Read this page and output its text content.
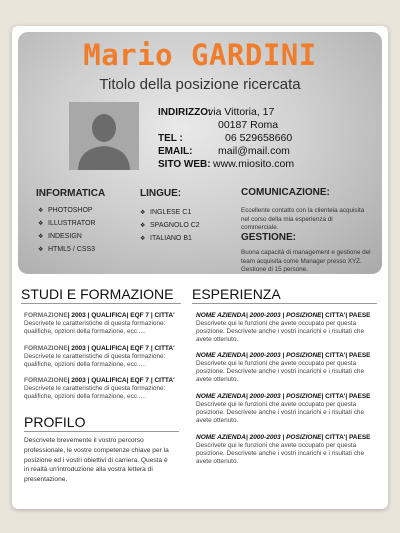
Mario GARDINI
Titolo della posizione ricercata
INDIRIZZO:via Vittoria, 17
00187 Roma
TEL :	06 529658660
EMAIL: mail@mail.com
SITO WEB: www.miosito.com
INFORMATICA
❖ PHOTOSHOP
❖ ILLUSTRATOR
❖ INDESIGN
❖ HTML5 / CSS3
LINGUE:
❖ INGLESE C1
❖ SPAGNOLO C2
❖ ITALIANO B1
COMUNICAZIONE:
Eccellente contatto con la clientela acquisita nel corso della mia esperienza di commerciale.
GESTIONE:
Buona capacità di management e gestione del team acquisita come Manager presso XYZ. Gestione di 15 persone.
STUDI E FORMAZIONE
FORMAZIONE| 2003 | QUALIFICA| EQF 7 | CITTA'
Descrivete le caratteristiche di questa formazione: qualifiche, opzioni della formazione, ecc ....
FORMAZIONE| 2003 | QUALIFICA| EQF 7 | CITTA'
Descrivete le caratteristiche di questa formazione: qualifiche, opzioni della formazione, ecc ....
FORMAZIONE| 2003 | QUALIFICA| EQF 7 | CITTA'
Descrivete le caratteristiche di questa formazione: qualifiche, opzioni della formazione, ecc ....
PROFILO
Descrivete brevemente il vostro percorso professionale, le vostre competenze chiave per la posizione ed i vostri obiettivi di carriera. Questa è in realtà un'introduzione alla vostra lettera di presentazione.
ESPERIENZA
NOME AZIENDA| 2000-2003 | POSIZIONE| CITTA'| PAESE
Descrivete qui le funzioni che avete occupato per questa posizione. Descrivete anche i vostri incarichi e i risultati che avete ottenuto.
NOME AZIENDA| 2000-2003 | POSIZIONE| CITTA'| PAESE
Descrivete qui le funzioni che avete occupato per questa posizione. Descrivete anche i vostri incarichi e i risultati che avete ottenuto.
NOME AZIENDA| 2000-2003 | POSIZIONE| CITTA'| PAESE
Descrivete qui le funzioni che avete occupato per questa posizione. Descrivete anche i vostri incarichi e i risultati che avete ottenuto.
NOME AZIENDA| 2000-2003 | POSIZIONE| CITTA'| PAESE
Descrivete qui le funzioni che avete occupato per questa posizione. Descrivete anche i vostri incarichi e i risultati che avete ottenuto.
